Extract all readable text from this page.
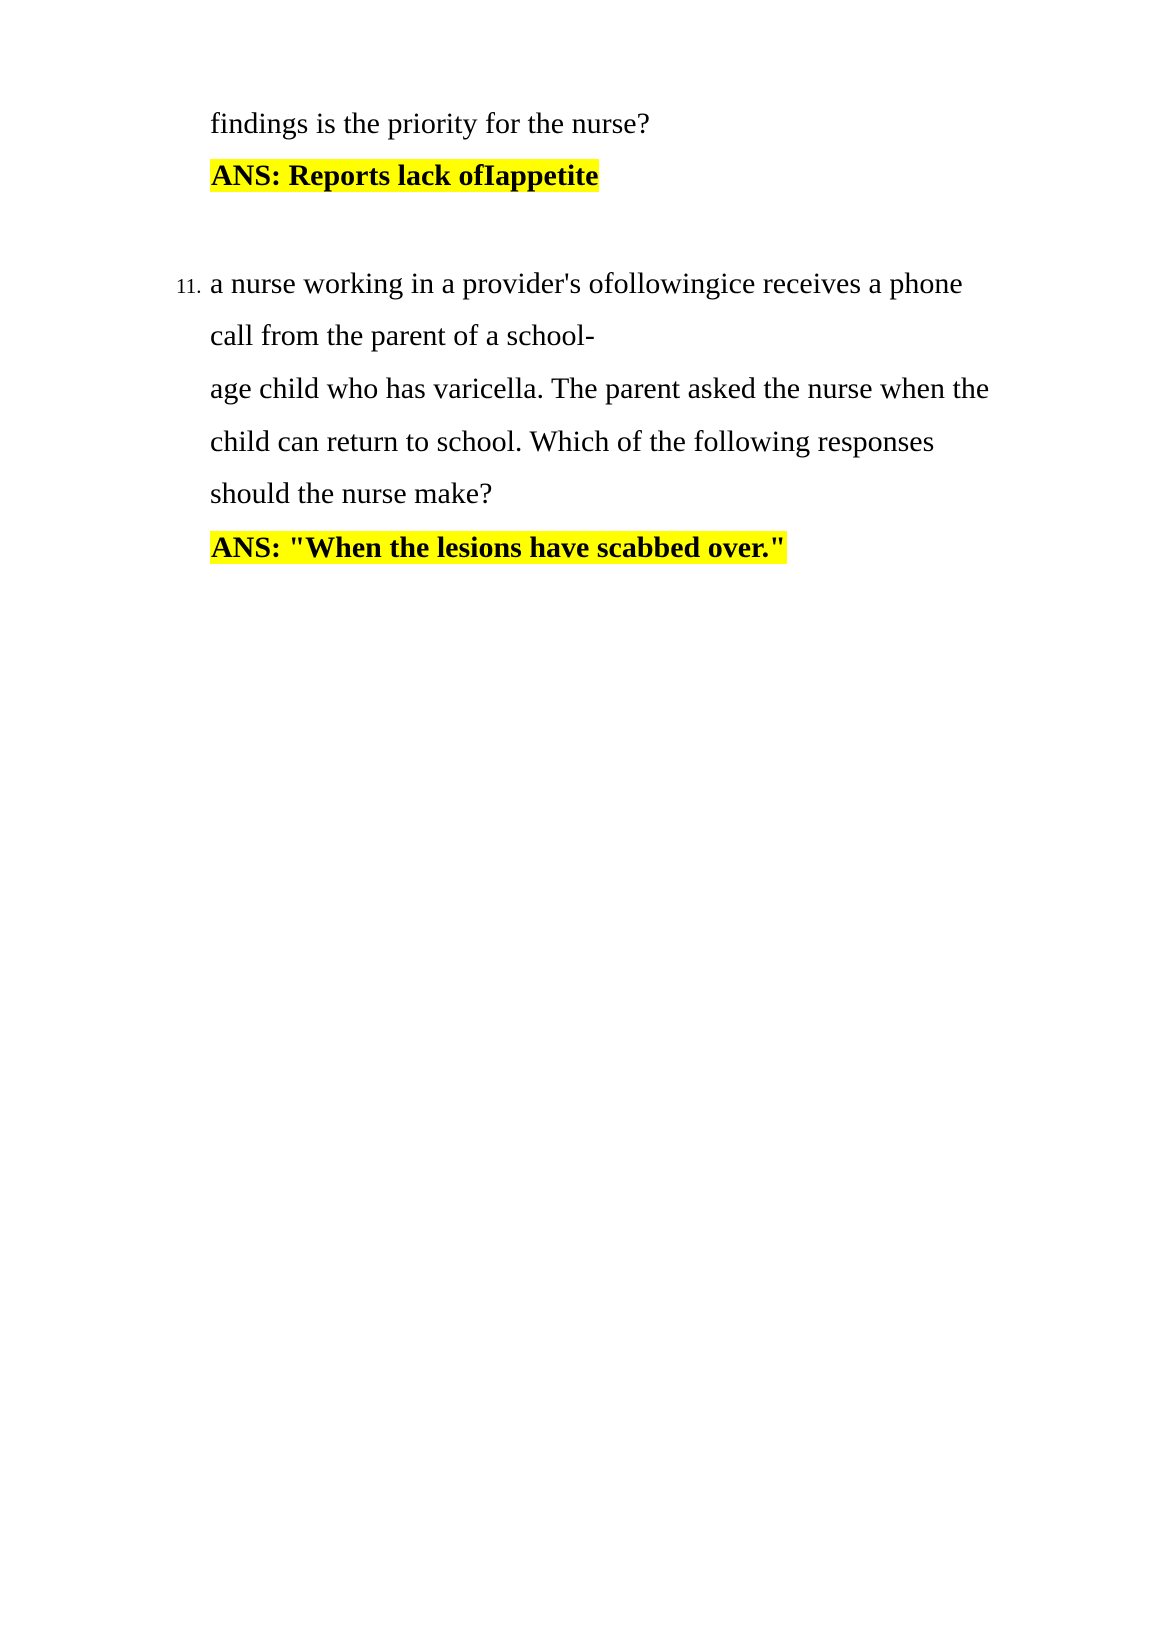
findings is the priority for the nurse?
ANS: Reports lack ofIappetite
11. a nurse working in a provider's ofollowingice receives a phone
call from the parent of a school-
age child who has varicella. The parent asked the nurse when the
child can return to school. Which of the following responses
should the nurse make?
ANS: "When the lesions have scabbed over."
